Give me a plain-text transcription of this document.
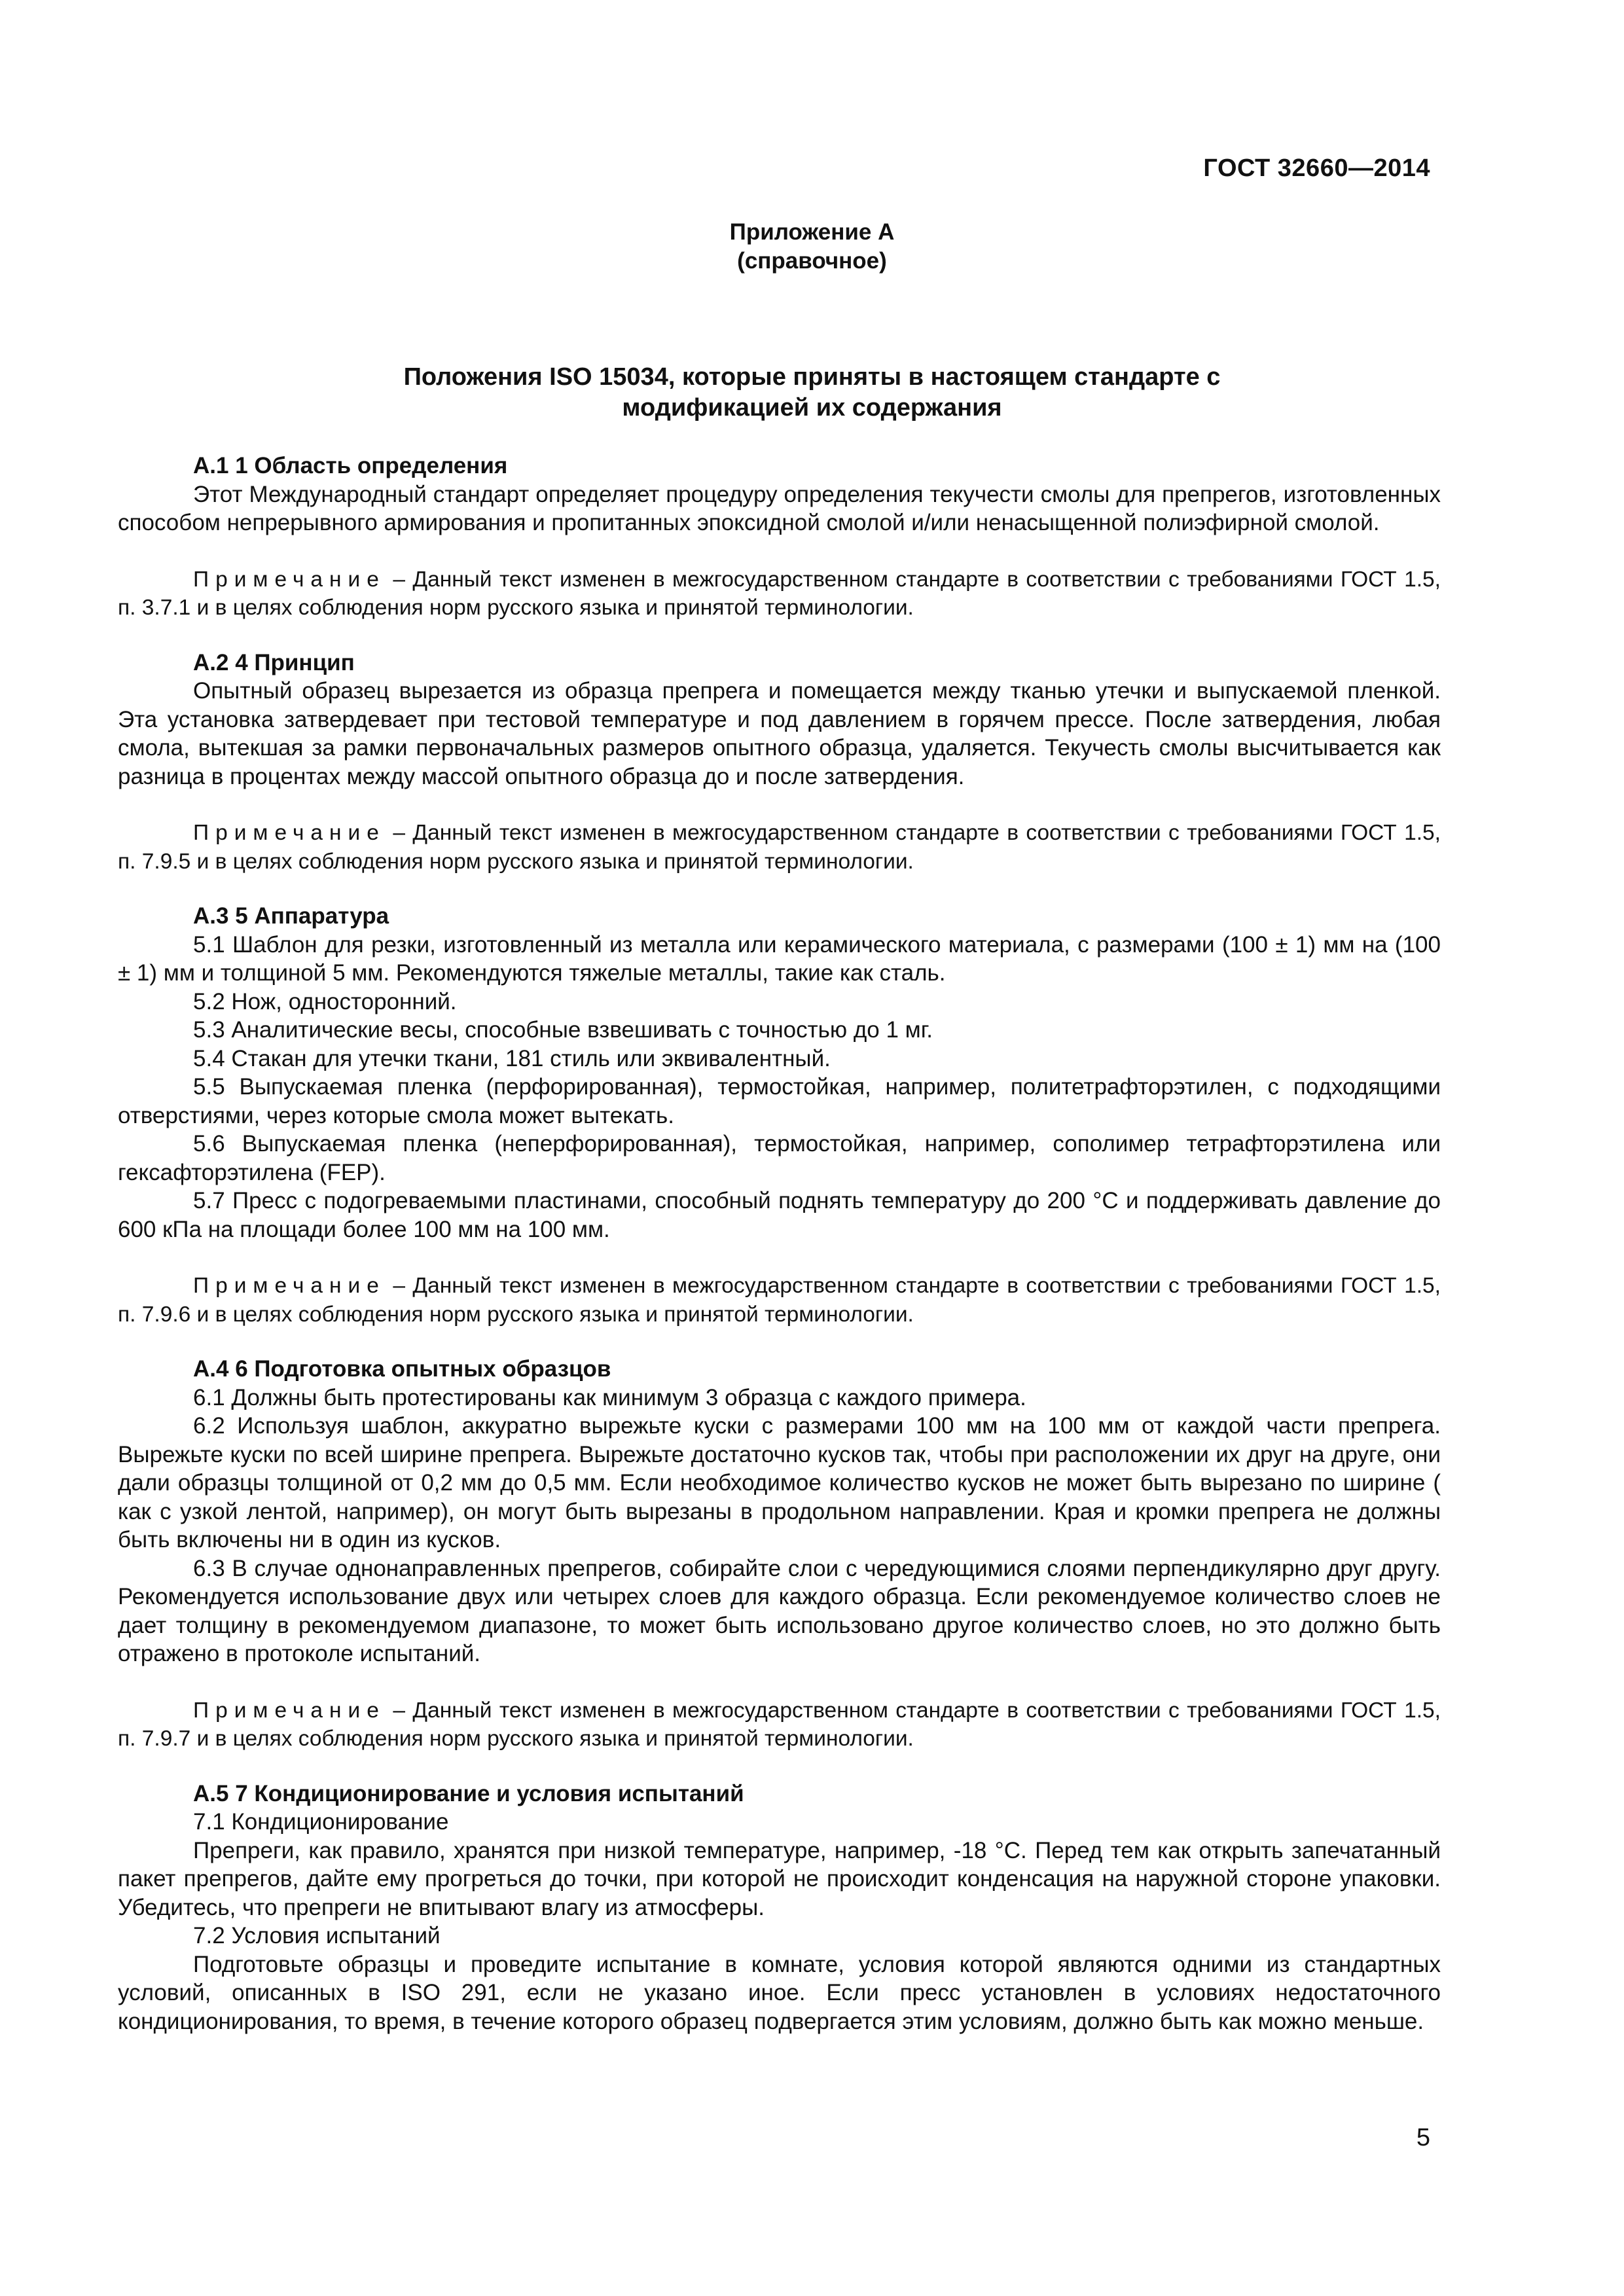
ГОСТ 32660—2014
Приложение А
(справочное)
Положения ISO 15034, которые приняты в настоящем стандарте с
модификацией их содержания

А.1 1 Область определения

Этот Международный стандарт определяет процедуру определения текучести смолы для препрегов, изготовленных способом непрерывного армирования и пропитанных эпоксидной смолой и/или ненасыщенной полиэфирной смолой.

Примечание – Данный текст изменен в межгосударственном стандарте в соответствии с требованиями ГОСТ 1.5, п. 3.7.1 и в целях соблюдения норм русского языка и принятой терминологии.

А.2 4 Принцип

Опытный образец вырезается из образца препрега и помещается между тканью утечки и выпускаемой пленкой. Эта установка затвердевает при тестовой температуре и под давлением в горячем прессе. После затвердения, любая смола, вытекшая за рамки первоначальных размеров опытного образца, удаляется. Текучесть смолы высчитывается как разница в процентах между массой опытного образца до и после затвердения.

Примечание – Данный текст изменен в межгосударственном стандарте в соответствии с требованиями ГОСТ 1.5, п. 7.9.5 и в целях соблюдения норм русского языка и принятой терминологии.

А.3 5 Аппаратура

5.1 Шаблон для резки, изготовленный из металла или керамического материала, с размерами (100 ± 1) мм на (100 ± 1) мм и толщиной 5 мм. Рекомендуются тяжелые металлы, такие как сталь.

5.2 Нож, односторонний.

5.3 Аналитические весы, способные взвешивать с точностью до 1 мг.

5.4 Стакан для утечки ткани, 181 стиль или эквивалентный.

5.5 Выпускаемая пленка (перфорированная), термостойкая, например, политетрафторэтилен, с подходящими отверстиями, через которые смола может вытекать.

5.6 Выпускаемая пленка (неперфорированная), термостойкая, например, сополимер тетрафторэтилена или гексафторэтилена (FEP).

5.7 Пресс с подогреваемыми пластинами, способный поднять температуру до 200 °C и поддерживать давление до 600 кПа на площади более 100 мм на 100 мм.

Примечание – Данный текст изменен в межгосударственном стандарте в соответствии с требованиями ГОСТ 1.5, п. 7.9.6 и в целях соблюдения норм русского языка и принятой терминологии.

А.4 6 Подготовка опытных образцов

6.1 Должны быть протестированы как минимум 3 образца с каждого примера.

6.2 Используя шаблон, аккуратно вырежьте куски с размерами 100 мм на 100 мм от каждой части препрега. Вырежьте куски по всей ширине препрега. Вырежьте достаточно кусков так, чтобы при расположении их друг на друге, они дали образцы толщиной от 0,2 мм до 0,5 мм. Если необходимое количество кусков не может быть вырезано по ширине ( как с узкой лентой, например), он могут быть вырезаны в продольном направлении. Края и кромки препрега не должны быть включены ни в один из кусков.

6.3 В случае однонаправленных препрегов, собирайте слои с чередующимися слоями перпендикулярно друг другу. Рекомендуется использование двух или четырех слоев для каждого образца. Если рекомендуемое количество слоев не дает толщину в рекомендуемом диапазоне, то может быть использовано другое количество слоев, но это должно быть отражено в протоколе испытаний.

Примечание – Данный текст изменен в межгосударственном стандарте в соответствии с требованиями ГОСТ 1.5, п. 7.9.7 и в целях соблюдения норм русского языка и принятой терминологии.

А.5 7 Кондиционирование и условия испытаний

7.1 Кондиционирование

Препреги, как правило, хранятся при низкой температуре, например, -18 °C. Перед тем как открыть запечатанный пакет препрегов, дайте ему прогреться до точки, при которой не происходит конденсация на наружной стороне упаковки. Убедитесь, что препреги не впитывают влагу из атмосферы.

7.2 Условия испытаний

Подготовьте образцы и проведите испытание в комнате, условия которой являются одними из стандартных условий, описанных в ISO 291, если не указано иное. Если пресс установлен в условиях недостаточного кондиционирования, то время, в течение которого образец подвергается этим условиям, должно быть как можно меньше.

5
